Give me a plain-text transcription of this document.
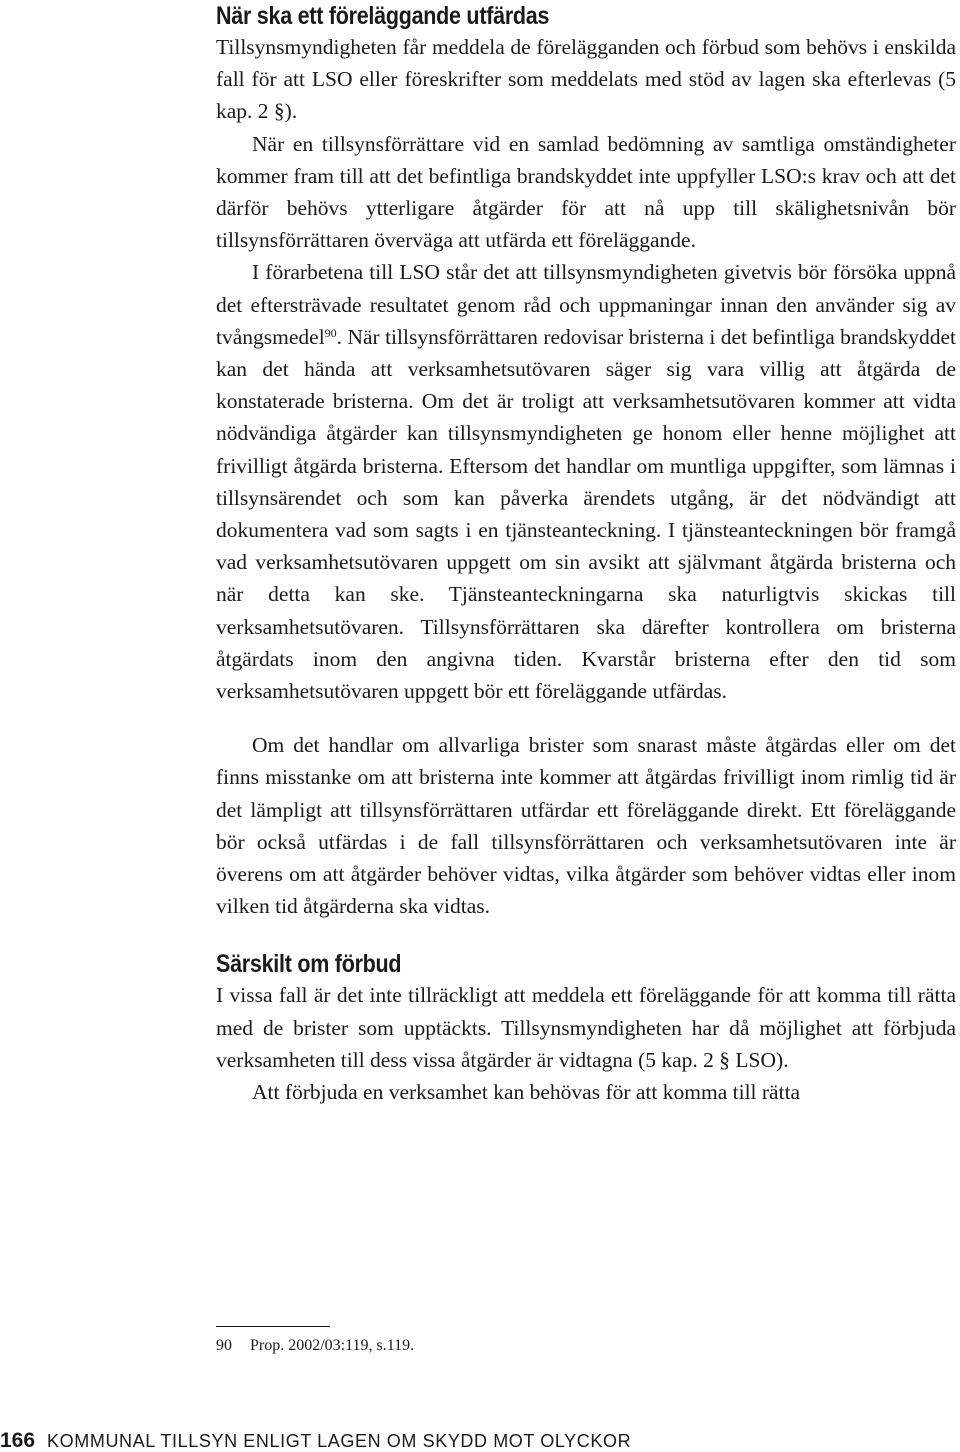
När ska ett föreläggande utfärdas

Tillsynsmyndigheten får meddela de förelägganden och förbud som behövs i enskilda fall för att LSO eller föreskrifter som meddelats med stöd av lagen ska efterlevas (5 kap. 2 §).

När en tillsynsförrättare vid en samlad bedömning av samtliga omständigheter kommer fram till att det befintliga brandskyddet inte uppfyller LSO:s krav och att det därför behövs ytterligare åtgärder för att nå upp till skälighetsnivån bör tillsynsförrättaren överväga att utfärda ett föreläggande.

I förarbetena till LSO står det att tillsynsmyndigheten givetvis bör försöka uppnå det eftersträvade resultatet genom råd och uppmaningar innan den använder sig av tvångsmedel$^{90}$. När tillsynsförrättaren redovisar bristerna i det befintliga brandskyddet kan det hända att verksamhetsutövaren säger sig vara villig att åtgärda de konstaterade bristerna. Om det är troligt att verksamhetsutövaren kommer att vidta nödvändiga åtgärder kan tillsynsmyndigheten ge honom eller henne möjlighet att frivilligt åtgärda bristerna. Eftersom det handlar om muntliga uppgifter, som lämnas i tillsynsärendet och som kan påverka ärendets utgång, är det nödvändigt att dokumentera vad som sagts i en tjänsteanteckning. I tjänsteanteckningen bör framgå vad verksamhetsutövaren uppgett om sin avsikt att självmant åtgärda bristerna och när detta kan ske. Tjänsteanteckningarna ska naturligtvis skickas till verksamhetsutövaren. Tillsynsförrättaren ska därefter kontrollera om bristerna åtgärdats inom den angivna tiden. Kvarstår bristerna efter den tid som verksamhetsutövaren uppgett bör ett föreläggande utfärdas.

Om det handlar om allvarliga brister som snarast måste åtgärdas eller om det finns misstanke om att bristerna inte kommer att åtgärdas frivilligt inom rimlig tid är det lämpligt att tillsynsförrättaren utfärdar ett föreläggande direkt. Ett föreläggande bör också utfärdas i de fall tillsynsförrättaren och verksamhetsutövaren inte är överens om att åtgärder behöver vidtas, vilka åtgärder som behöver vidtas eller inom vilken tid åtgärderna ska vidtas.

Särskilt om förbud

I vissa fall är det inte tillräckligt att meddela ett föreläggande för att komma till rätta med de brister som upptäckts. Tillsynsmyndigheten har då möjlighet att förbjuda verksamheten till dess vissa åtgärder är vidtagna (5 kap. 2 § LSO).

Att förbjuda en verksamhet kan behövas för att komma till rätta

90 Prop. 2002/03:119, s.119.

166 KOMMUNAL TILLSYN ENLIGT LAGEN OM SKYDD MOT OLYCKOR
